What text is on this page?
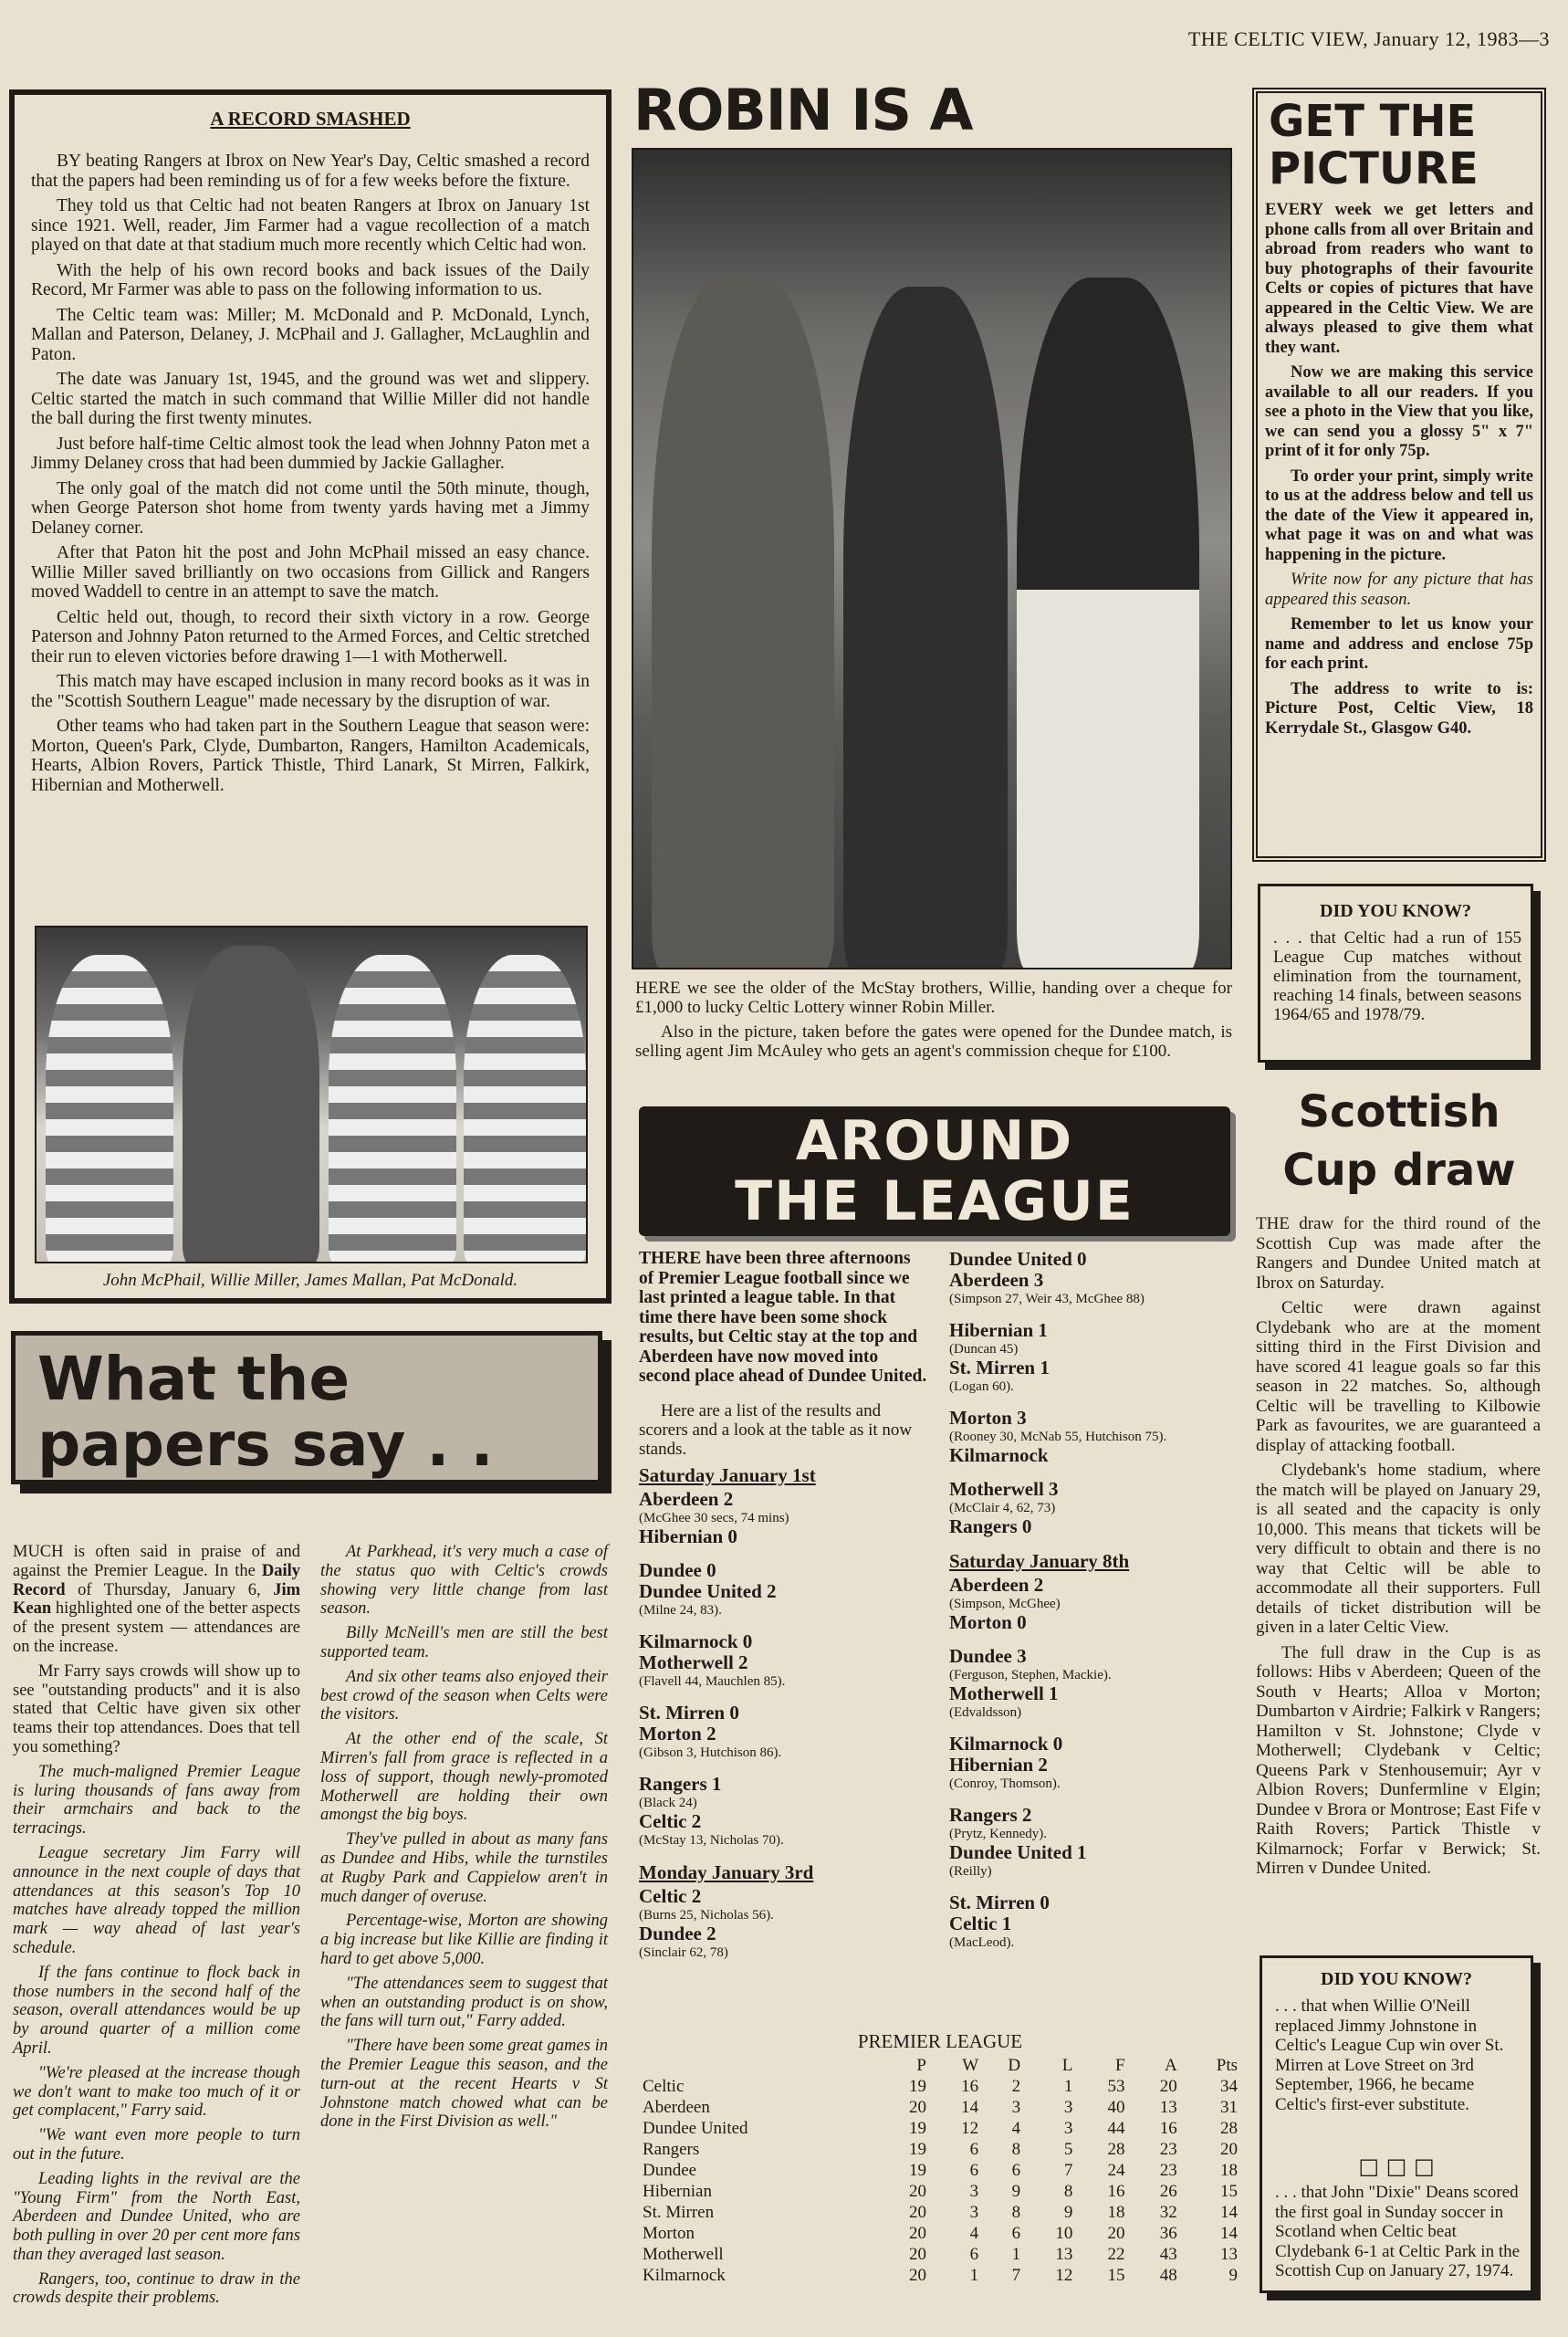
THE CELTIC VIEW, January 12, 1983—3
A RECORD SMASHED

BY beating Rangers at Ibrox on New Year's Day, Celtic smashed a record that the papers had been reminding us of for a few weeks before the fixture.

They told us that Celtic had not beaten Rangers at Ibrox on January 1st since 1921. Well, reader, Jim Farmer had a vague recollection of a match played on that date at that stadium much more recently which Celtic had won.

With the help of his own record books and back issues of the Daily Record, Mr Farmer was able to pass on the following information to us.

The Celtic team was: Miller; M. McDonald and P. McDonald, Lynch, Mallan and Paterson, Delaney, J. McPhail and J. Gallagher, McLaughlin and Paton.

The date was January 1st, 1945, and the ground was wet and slippery. Celtic started the match in such command that Willie Miller did not handle the ball during the first twenty minutes.

Just before half-time Celtic almost took the lead when Johnny Paton met a Jimmy Delaney cross that had been dummied by Jackie Gallagher.

The only goal of the match did not come until the 50th minute, though, when George Paterson shot home from twenty yards having met a Jimmy Delaney corner.

After that Paton hit the post and John McPhail missed an easy chance. Willie Miller saved brilliantly on two occasions from Gillick and Rangers moved Waddell to centre in an attempt to save the match.

Celtic held out, though, to record their sixth victory in a row. George Paterson and Johnny Paton returned to the Armed Forces, and Celtic stretched their run to eleven victories before drawing 1—1 with Motherwell.

This match may have escaped inclusion in many record books as it was in the "Scottish Southern League" made necessary by the disruption of war.

Other teams who had taken part in the Southern League that season were: Morton, Queen's Park, Clyde, Dumbarton, Rangers, Hamilton Academicals, Hearts, Albion Rovers, Partick Thistle, Third Lanark, St Mirren, Falkirk, Hibernian and Motherwell.

John McPhail, Willie Miller, James Mallan, Pat McDonald.
ROBIN IS A

HERE we see the older of the McStay brothers, Willie, handing over a cheque for £1,000 to lucky Celtic Lottery winner Robin Miller.

Also in the picture, taken before the gates were opened for the Dundee match, is selling agent Jim McAuley who gets an agent's commission cheque for £100.

GET THE
PICTURE

EVERY week we get letters and phone calls from all over Britain and abroad from readers who want to buy photographs of their favourite Celts or copies of pictures that have appeared in the Celtic View. We are always pleased to give them what they want.

Now we are making this service available to all our readers. If you see a photo in the View that you like, we can send you a glossy 5" x 7" print of it for only 75p.

To order your print, simply write to us at the address below and tell us the date of the View it appeared in, what page it was on and what was happening in the picture.

Write now for any picture that has appeared this season.

Remember to let us know your name and address and enclose 75p for each print.

The address to write to is: Picture Post, Celtic View, 18 Kerrydale St., Glasgow G40.

DID YOU KNOW?
. . . that Celtic had a run of 155 League Cup matches without elimination from the tournament, reaching 14 finals, between seasons 1964/65 and 1978/79.
Scottish
Cup draw

THE draw for the third round of the Scottish Cup was made after the Rangers and Dundee United match at Ibrox on Saturday.

Celtic were drawn against Clydebank who are at the moment sitting third in the First Division and have scored 41 league goals so far this season in 22 matches. So, although Celtic will be travelling to Kilbowie Park as favourites, we are guaranteed a display of attacking football.

Clydebank's home stadium, where the match will be played on January 29, is all seated and the capacity is only 10,000. This means that tickets will be very difficult to obtain and there is no way that Celtic will be able to accommodate all their supporters. Full details of ticket distribution will be given in a later Celtic View.

The full draw in the Cup is as follows: Hibs v Aberdeen; Queen of the South v Hearts; Alloa v Morton; Dumbarton v Airdrie; Falkirk v Rangers; Hamilton v St. Johnstone; Clyde v Motherwell; Clydebank v Celtic; Queens Park v Stenhousemuir; Ayr v Albion Rovers; Dunfermline v Elgin; Dundee v Brora or Montrose; East Fife v Raith Rovers; Partick Thistle v Kilmarnock; Forfar v Berwick; St. Mirren v Dundee United.

DID YOU KNOW?
. . . that when Willie O'Neill replaced Jimmy Johnstone in Celtic's League Cup win over St. Mirren at Love Street on 3rd September, 1966, he became Celtic's first-ever substitute.
□ □ □
. . . that John "Dixie" Deans scored the first goal in Sunday soccer in Scotland when Celtic beat Clydebank 6-1 at Celtic Park in the Scottish Cup on January 27, 1974.
AROUND
THE LEAGUE
THERE have been three afternoons of Premier League football since we last printed a league table. In that time there have been some shock results, but Celtic stay at the top and Aberdeen have now moved into second place ahead of Dundee United.
Here are a list of the results and scorers and a look at the table as it now stands.
Saturday January 1st
Aberdeen 2
(McGhee 30 secs, 74 mins)
Hibernian 0
Dundee 0
Dundee United 2
(Milne 24, 83).
Kilmarnock 0
Motherwell 2
(Flavell 44, Mauchlen 85).
St. Mirren 0
Morton 2
(Gibson 3, Hutchison 86).
Rangers 1
(Black 24)
Celtic 2
(McStay 13, Nicholas 70).
Monday January 3rd
Celtic 2
(Burns 25, Nicholas 56).
Dundee 2
(Sinclair 62, 78)
Dundee United 0
Aberdeen 3
(Simpson 27, Weir 43, McGhee 88)
Hibernian 1
(Duncan 45)
St. Mirren 1
(Logan 60).
Morton 3
(Rooney 30, McNab 55, Hutchison 75).
Kilmarnock
Motherwell 3
(McClair 4, 62, 73)
Rangers 0
Saturday January 8th
Aberdeen 2
(Simpson, McGhee)
Morton 0
Dundee 3
(Ferguson, Stephen, Mackie).
Motherwell 1
(Edvaldsson)
Kilmarnock 0
Hibernian 2
(Conroy, Thomson).
Rangers 2
(Prytz, Kennedy).
Dundee United 1
(Reilly)
St. Mirren 0
Celtic 1
(MacLeod).
PREMIER LEAGUE
	P	W	D	L	F	A	Pts
Celtic	19	16	2	1	53	20	34
Aberdeen	20	14	3	3	40	13	31
Dundee United	19	12	4	3	44	16	28
Rangers	19	6	8	5	28	23	20
Dundee	19	6	6	7	24	23	18
Hibernian	20	3	9	8	16	26	15
St. Mirren	20	3	8	9	18	32	14
Morton	20	4	6	10	20	36	14
Motherwell	20	6	1	13	22	43	13
Kilmarnock	20	1	7	12	15	48	9
What the
papers say . .

MUCH is often said in praise of and against the Premier League. In the Daily Record of Thursday, January 6, Jim Kean highlighted one of the better aspects of the present system — attendances are on the increase.

Mr Farry says crowds will show up to see "outstanding products" and it is also stated that Celtic have given six other teams their top attendances. Does that tell you something?

The much-maligned Premier League is luring thousands of fans away from their armchairs and back to the terracings.

League secretary Jim Farry will announce in the next couple of days that attendances at this season's Top 10 matches have already topped the million mark — way ahead of last year's schedule.

If the fans continue to flock back in those numbers in the second half of the season, overall attendances would be up by around quarter of a million come April.

"We're pleased at the increase though we don't want to make too much of it or get complacent," Farry said.

"We want even more people to turn out in the future.

Leading lights in the revival are the "Young Firm" from the North East, Aberdeen and Dundee United, who are both pulling in over 20 per cent more fans than they averaged last season.

Rangers, too, continue to draw in the crowds despite their problems.

At Parkhead, it's very much a case of the status quo with Celtic's crowds showing very little change from last season.

Billy McNeill's men are still the best supported team.

And six other teams also enjoyed their best crowd of the season when Celts were the visitors.

At the other end of the scale, St Mirren's fall from grace is reflected in a loss of support, though newly-promoted Motherwell are holding their own amongst the big boys.

They've pulled in about as many fans as Dundee and Hibs, while the turnstiles at Rugby Park and Cappielow aren't in much danger of overuse.

Percentage-wise, Morton are showing a big increase but like Killie are finding it hard to get above 5,000.

"The attendances seem to suggest that when an outstanding product is on show, the fans will turn out," Farry added.

"There have been some great games in the Premier League this season, and the turn-out at the recent Hearts v St Johnstone match chowed what can be done in the First Division as well."
